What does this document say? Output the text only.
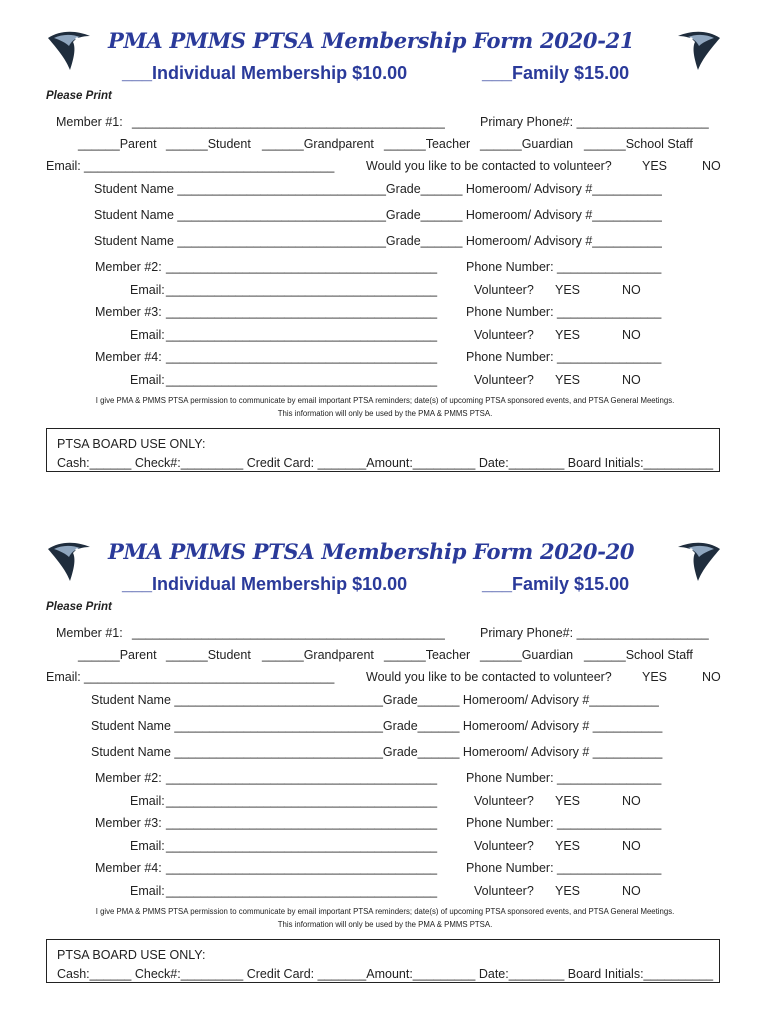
PMA PMMS PTSA Membership Form 2020-21
___Individual Membership $10.00	___Family $15.00
Please Print
Member #1: _____________________________________________	Primary Phone#: ___________________
______Parent ______Student ______Grandparent ______Teacher ______Guardian ______School Staff
Email: ____________________________________	Would you like to be contacted to volunteer? YES	NO
Student Name ______________________________Grade______ Homeroom/ Advisory #__________
Student Name ______________________________Grade______ Homeroom/ Advisory #__________
Student Name ______________________________Grade______ Homeroom/ Advisory #__________
Member #2: _______________________________________ Phone Number: _______________
Email: _______________________________________	Volunteer? YES	NO
Member #3: _______________________________________ Phone Number: _______________
Email: _______________________________________	Volunteer? YES	NO
Member #4: _______________________________________ Phone Number: _______________
Email: _______________________________________	Volunteer? YES	NO
I give PMA & PMMS PTSA permission to communicate by email important PTSA reminders; date(s) of upcoming PTSA sponsored events, and PTSA General Meetings.
This information will only be used by the PMA & PMMS PTSA.
PTSA BOARD USE ONLY:
Cash:______ Check#:_________ Credit Card: _______Amount:_________ Date:________ Board Initials:__________
PMA PMMS PTSA Membership Form 2020-20
___Individual Membership $10.00	___Family $15.00
Please Print
Member #1: _____________________________________________	Primary Phone#: ___________________
______Parent ______Student ______Grandparent ______Teacher ______Guardian ______School Staff
Email: ____________________________________	Would you like to be contacted to volunteer? YES	NO
Student Name ______________________________Grade______ Homeroom/ Advisory #__________
Student Name ______________________________Grade______ Homeroom/ Advisory # __________
Student Name ______________________________Grade______ Homeroom/ Advisory # __________
Member #2: _______________________________________ Phone Number: _______________
Email: _______________________________________	Volunteer? YES	NO
Member #3: _______________________________________ Phone Number: _______________
Email: _______________________________________	Volunteer? YES	NO
Member #4: _______________________________________ Phone Number: _______________
Email: _______________________________________	Volunteer? YES	NO
I give PMA & PMMS PTSA permission to communicate by email important PTSA reminders; date(s) of upcoming PTSA sponsored events, and PTSA General Meetings.
This information will only be used by the PMA & PMMS PTSA.
PTSA BOARD USE ONLY:
Cash:______ Check#:_________ Credit Card: _______Amount:_________ Date:________ Board Initials:__________
